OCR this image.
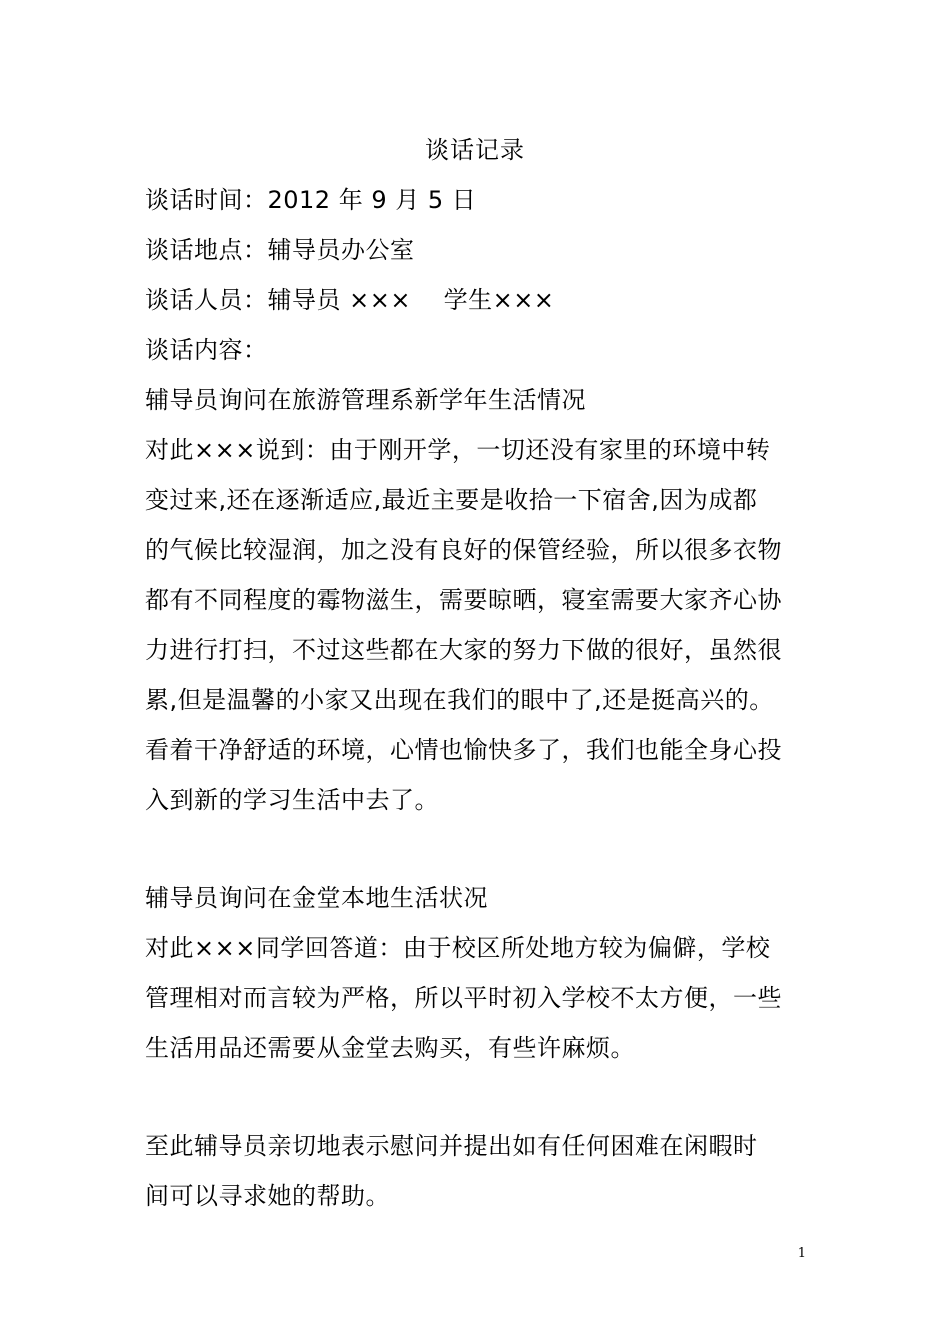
谈话记录
谈话时间：2012 年 9 月 5 日
谈话地点：辅导员办公室
谈话人员：辅导员 ×××　 学生×××
谈话内容：
辅导员询问在旅游管理系新学年生活情况
对此×××说到：由于刚开学，一切还没有家里的环境中转
变过来,还在逐渐适应,最近主要是收拾一下宿舍,因为成都
的气候比较湿润，加之没有良好的保管经验，所以很多衣物
都有不同程度的霉物滋生，需要晾晒，寝室需要大家齐心协
力进行打扫，不过这些都在大家的努力下做的很好，虽然很
累,但是温馨的小家又出现在我们的眼中了,还是挺高兴的。
看着干净舒适的环境，心情也愉快多了，我们也能全身心投
入到新的学习生活中去了。
辅导员询问在金堂本地生活状况
对此×××同学回答道：由于校区所处地方较为偏僻，学校
管理相对而言较为严格，所以平时初入学校不太方便，一些
生活用品还需要从金堂去购买，有些许麻烦。
至此辅导员亲切地表示慰问并提出如有任何困难在闲暇时
间可以寻求她的帮助。
1
